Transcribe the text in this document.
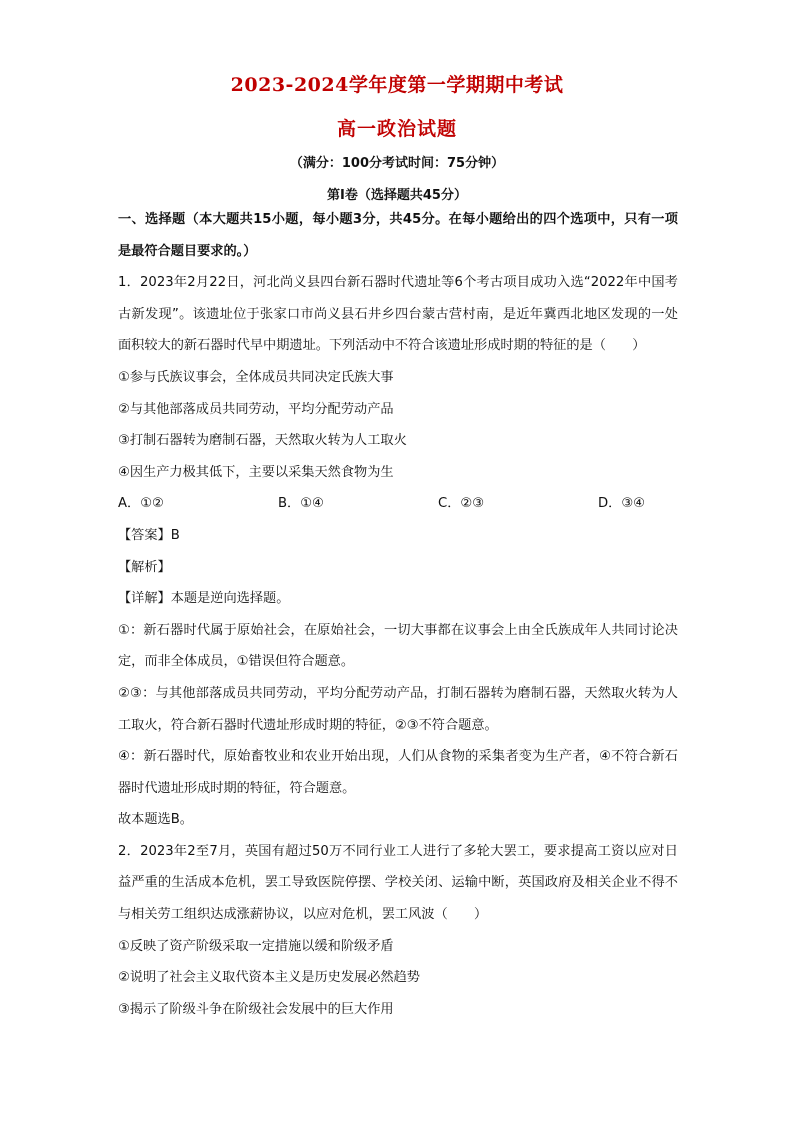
2023-2024学年度第一学期期中考试
高一政治试题
（满分：100分考试时间：75分钟）
第Ⅰ卷（选择题共45分）

一、选择题（本大题共15小题，每小题3分，共45分。在每小题给出的四个选项中，只有一项是最符合题目要求的。）

1．2023年2月22日，河北尚义县四台新石器时代遗址等6个考古项目成功入选“2022年中国考古新发现”。该遗址位于张家口市尚义县石井乡四台蒙古营村南，是近年冀西北地区发现的一处面积较大的新石器时代早中期遗址。下列活动中不符合该遗址形成时期的特征的是（　　）

①参与氏族议事会，全体成员共同决定氏族大事

②与其他部落成员共同劳动，平均分配劳动产品

③打制石器转为磨制石器，天然取火转为人工取火

④因生产力极其低下，主要以采集天然食物为生

A．①②	B．①④	C．②③	D．③④

【答案】B

【解析】

【详解】本题是逆向选择题。

①：新石器时代属于原始社会，在原始社会，一切大事都在议事会上由全氏族成年人共同讨论决定，而非全体成员，①错误但符合题意。

②③：与其他部落成员共同劳动，平均分配劳动产品，打制石器转为磨制石器，天然取火转为人工取火，符合新石器时代遗址形成时期的特征，②③不符合题意。

④：新石器时代，原始畜牧业和农业开始出现，人们从食物的采集者变为生产者，④不符合新石器时代遗址形成时期的特征，符合题意。

故本题选B。

2．2023年2至7月，英国有超过50万不同行业工人进行了多轮大罢工，要求提高工资以应对日益严重的生活成本危机，罢工导致医院停摆、学校关闭、运输中断，英国政府及相关企业不得不与相关劳工组织达成涨薪协议，以应对危机，罢工风波（　　）

①反映了资产阶级采取一定措施以缓和阶级矛盾

②说明了社会主义取代资本主义是历史发展必然趋势

③揭示了阶级斗争在阶级社会发展中的巨大作用
